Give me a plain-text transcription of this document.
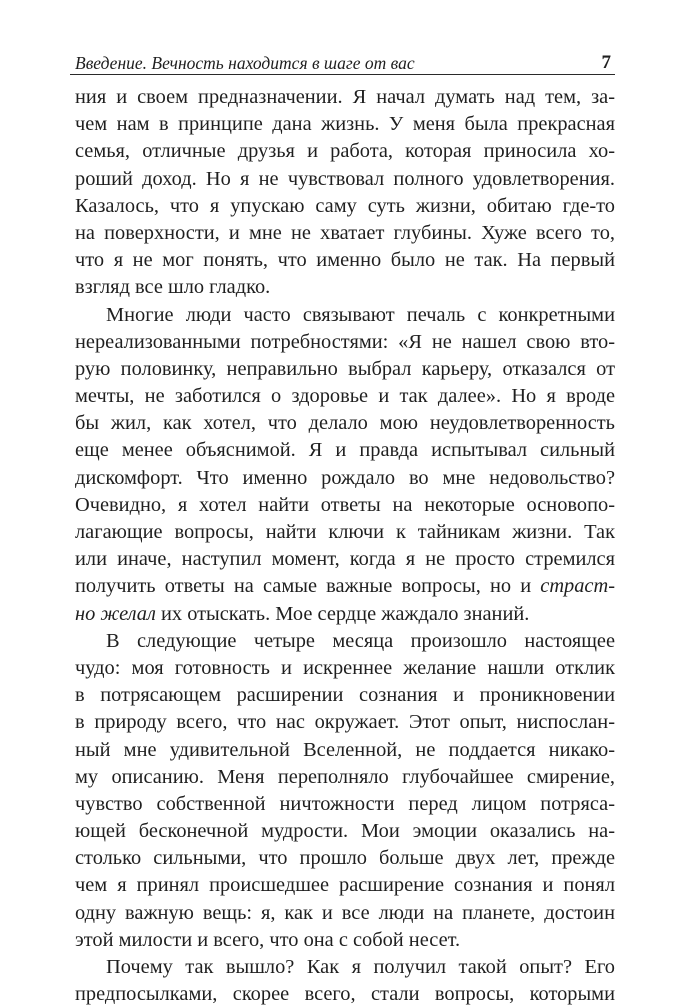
Введение. Вечность находится в шаге от вас	7
ния и своем предназначении. Я начал думать над тем, за-
чем нам в принципе дана жизнь. У меня была прекрасная
семья, отличные друзья и работа, которая приносила хо-
роший доход. Но я не чувствовал полного удовлетворения.
Казалось, что я упускаю саму суть жизни, обитаю где-то
на поверхности, и мне не хватает глубины. Хуже всего то,
что я не мог понять, что именно было не так. На первый
взгляд все шло гладко.
Многие люди часто связывают печаль с конкретными
нереализованными потребностями: «Я не нашел свою вто-
рую половинку, неправильно выбрал карьеру, отказался от
мечты, не заботился о здоровье и так далее». Но я вроде
бы жил, как хотел, что делало мою неудовлетворенность
еще менее объяснимой. Я и правда испытывал сильный
дискомфорт. Что именно рождало во мне недовольство?
Очевидно, я хотел найти ответы на некоторые основопо-
лагающие вопросы, найти ключи к тайникам жизни. Так
или иначе, наступил момент, когда я не просто стремился
получить ответы на самые важные вопросы, но и страст-
но желал их отыскать. Мое сердце жаждало знаний.
В следующие четыре месяца произошло настоящее
чудо: моя готовность и искреннее желание нашли отклик
в потрясающем расширении сознания и проникновении
в природу всего, что нас окружает. Этот опыт, ниспослан-
ный мне удивительной Вселенной, не поддается никако-
му описанию. Меня переполняло глубочайшее смирение,
чувство собственной ничтожности перед лицом потряса-
ющей бесконечной мудрости. Мои эмоции оказались на-
столько сильными, что прошло больше двух лет, прежде
чем я принял происшедшее расширение сознания и понял
одну важную вещь: я, как и все люди на планете, достоин
этой милости и всего, что она с собой несет.
Почему так вышло? Как я получил такой опыт? Его
предпосылками, скорее всего, стали вопросы, которыми
